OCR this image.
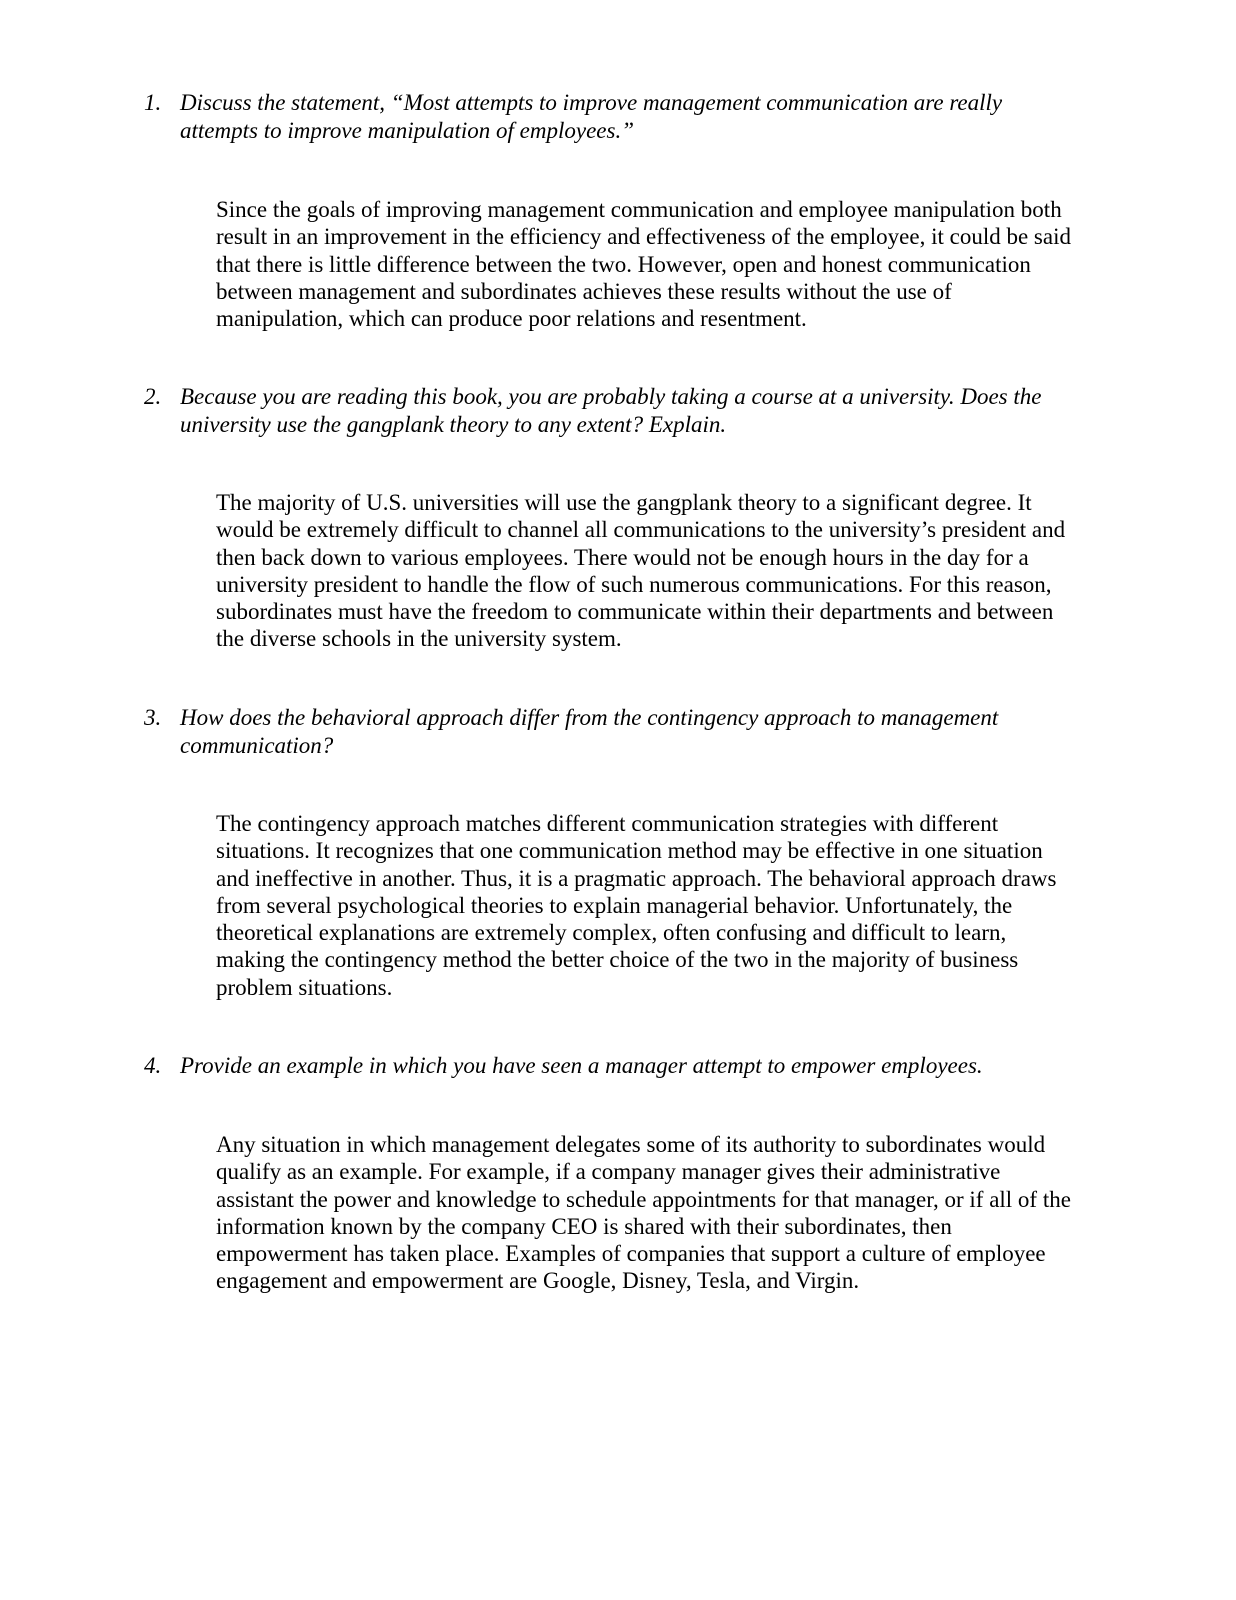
1. Discuss the statement, “Most attempts to improve management communication are really attempts to improve manipulation of employees.”
Since the goals of improving management communication and employee manipulation both result in an improvement in the efficiency and effectiveness of the employee, it could be said that there is little difference between the two. However, open and honest communication between management and subordinates achieves these results without the use of manipulation, which can produce poor relations and resentment.
2. Because you are reading this book, you are probably taking a course at a university. Does the university use the gangplank theory to any extent? Explain.
The majority of U.S. universities will use the gangplank theory to a significant degree. It would be extremely difficult to channel all communications to the university’s president and then back down to various employees. There would not be enough hours in the day for a university president to handle the flow of such numerous communications. For this reason, subordinates must have the freedom to communicate within their departments and between the diverse schools in the university system.
3. How does the behavioral approach differ from the contingency approach to management communication?
The contingency approach matches different communication strategies with different situations. It recognizes that one communication method may be effective in one situation and ineffective in another. Thus, it is a pragmatic approach. The behavioral approach draws from several psychological theories to explain managerial behavior. Unfortunately, the theoretical explanations are extremely complex, often confusing and difficult to learn, making the contingency method the better choice of the two in the majority of business problem situations.
4. Provide an example in which you have seen a manager attempt to empower employees.
Any situation in which management delegates some of its authority to subordinates would qualify as an example. For example, if a company manager gives their administrative assistant the power and knowledge to schedule appointments for that manager, or if all of the information known by the company CEO is shared with their subordinates, then empowerment has taken place. Examples of companies that support a culture of employee engagement and empowerment are Google, Disney, Tesla, and Virgin.
